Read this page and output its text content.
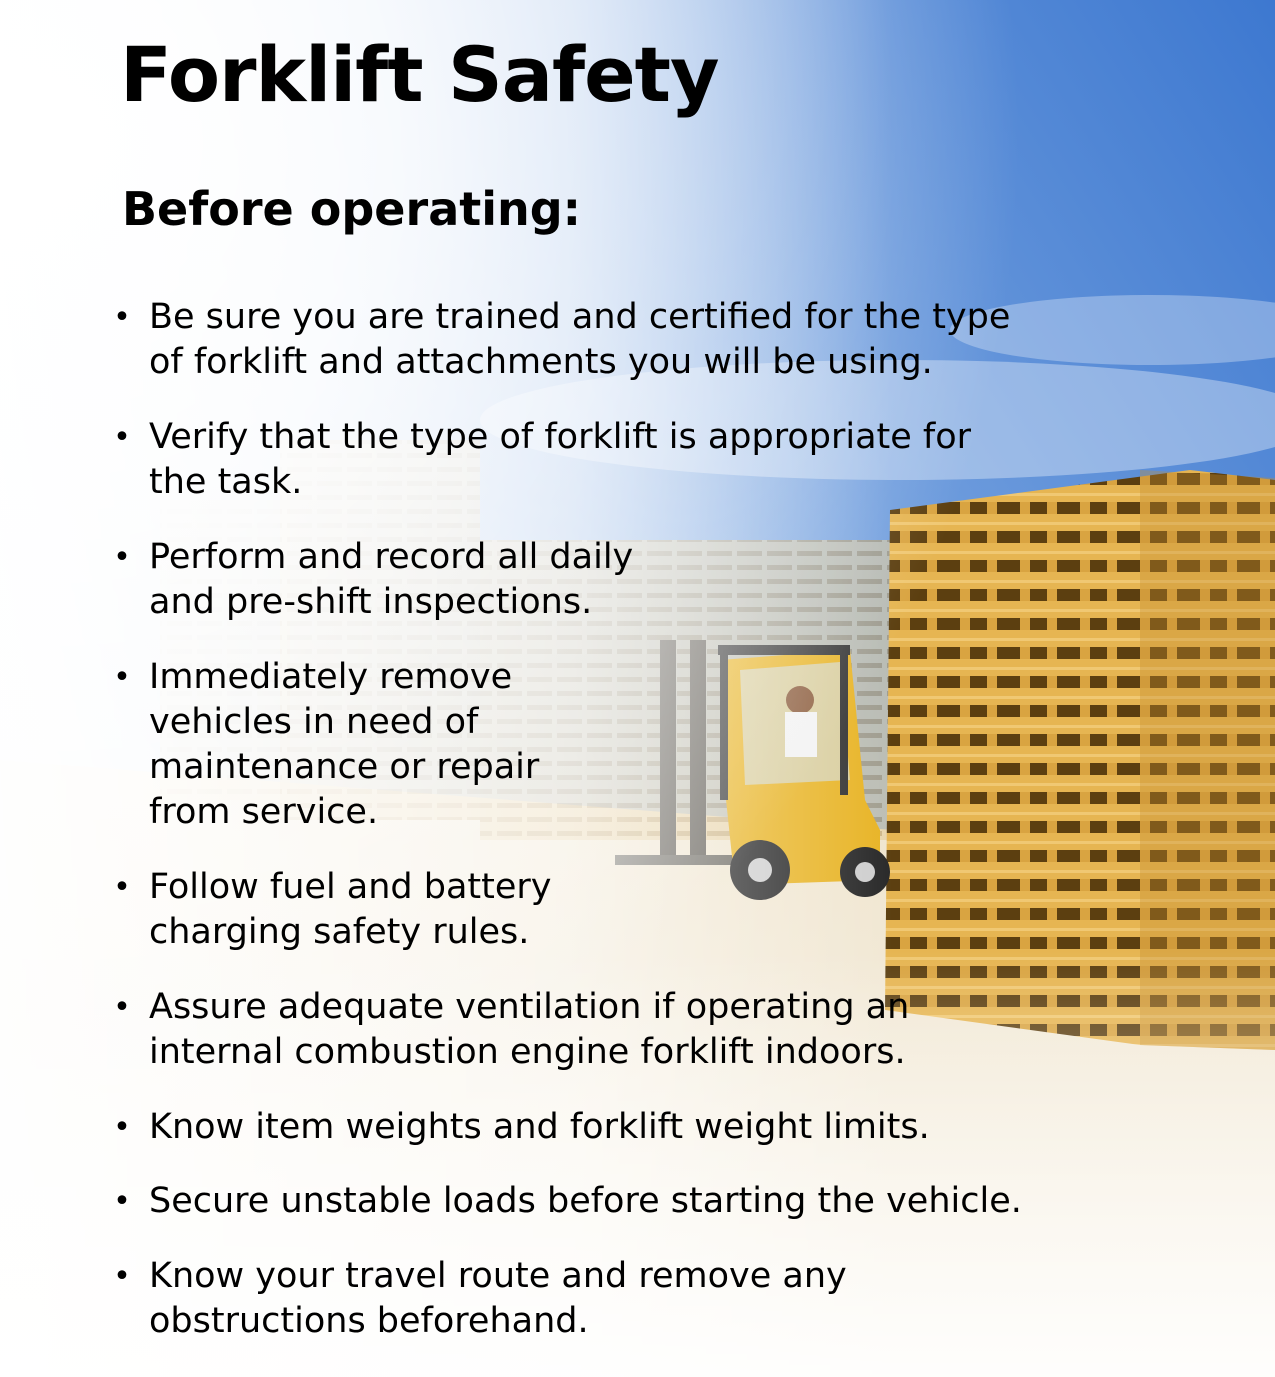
Forklift Safety
Before operating:
• Be sure you are trained and certified for the type
of forklift and attachments you will be using.
• Verify that the type of forklift is appropriate for
the task.
• Perform and record all daily
and pre-shift inspections.
• Immediately remove
vehicles in need of
maintenance or repair
from service.
• Follow fuel and battery
charging safety rules.
• Assure adequate ventilation if operating an
internal combustion engine forklift indoors.
• Know item weights and forklift weight limits.
• Secure unstable loads before starting the vehicle.
• Know your travel route and remove any
obstructions beforehand.
